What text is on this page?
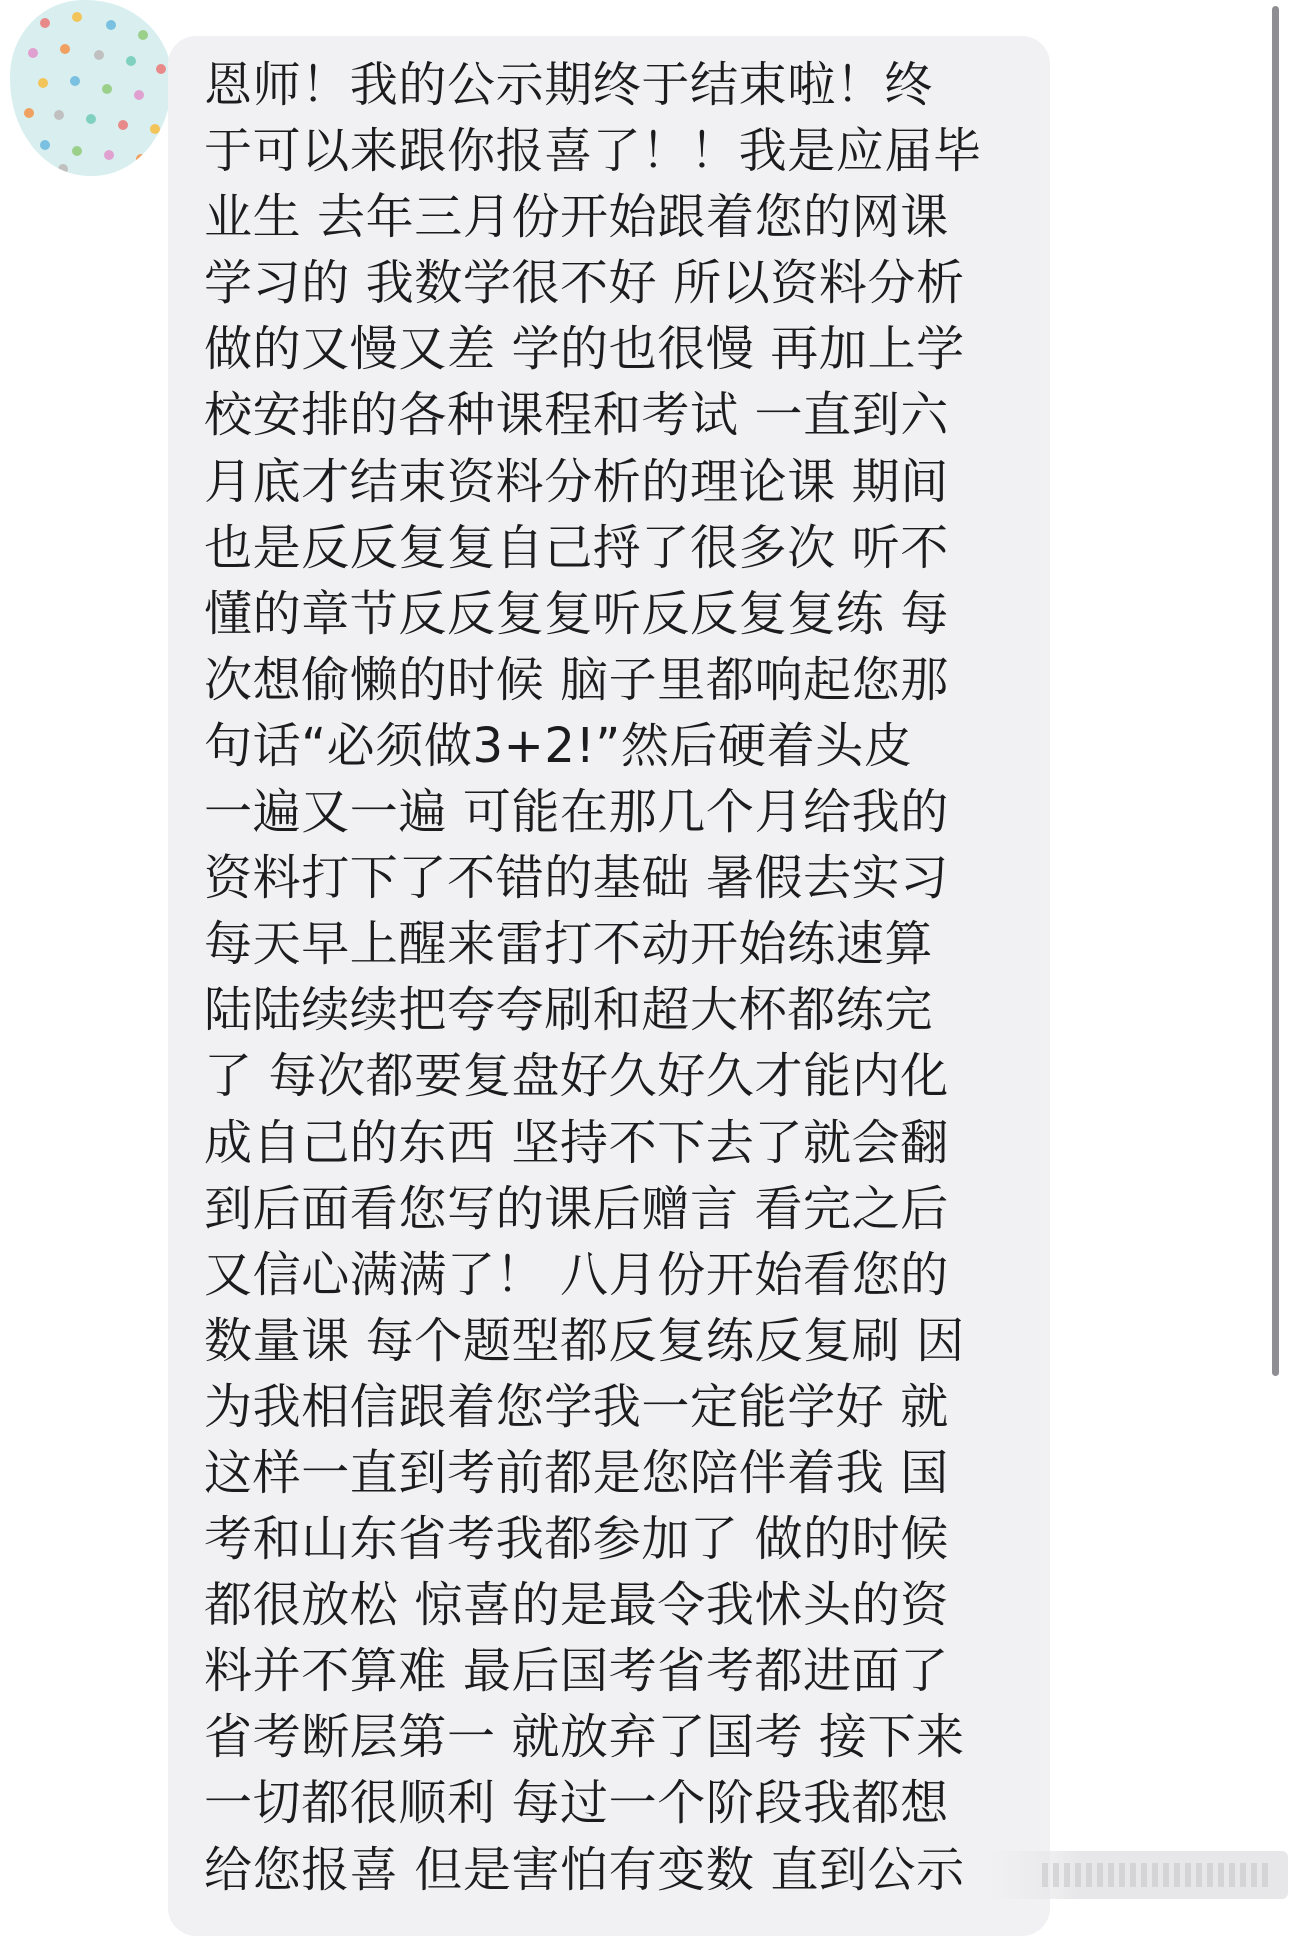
恩师！我的公示期终于结束啦！终
于可以来跟你报喜了！！我是应届毕
业生 去年三月份开始跟着您的网课
学习的 我数学很不好 所以资料分析
做的又慢又差 学的也很慢 再加上学
校安排的各种课程和考试 一直到六
月底才结束资料分析的理论课 期间
也是反反复复自己捋了很多次 听不
懂的章节反反复复听反反复复练 每
次想偷懒的时候 脑子里都响起您那
句话“必须做3+2!”然后硬着头皮
一遍又一遍 可能在那几个月给我的
资料打下了不错的基础 暑假去实习
每天早上醒来雷打不动开始练速算
陆陆续续把夸夸刷和超大杯都练完
了 每次都要复盘好久好久才能内化
成自己的东西 坚持不下去了就会翻
到后面看您写的课后赠言 看完之后
又信心满满了！ 八月份开始看您的
数量课 每个题型都反复练反复刷 因
为我相信跟着您学我一定能学好 就
这样一直到考前都是您陪伴着我 国
考和山东省考我都参加了 做的时候
都很放松 惊喜的是最令我怵头的资
料并不算难 最后国考省考都进面了
省考断层第一 就放弃了国考 接下来
一切都很顺利 每过一个阶段我都想
给您报喜 但是害怕有变数 直到公示
